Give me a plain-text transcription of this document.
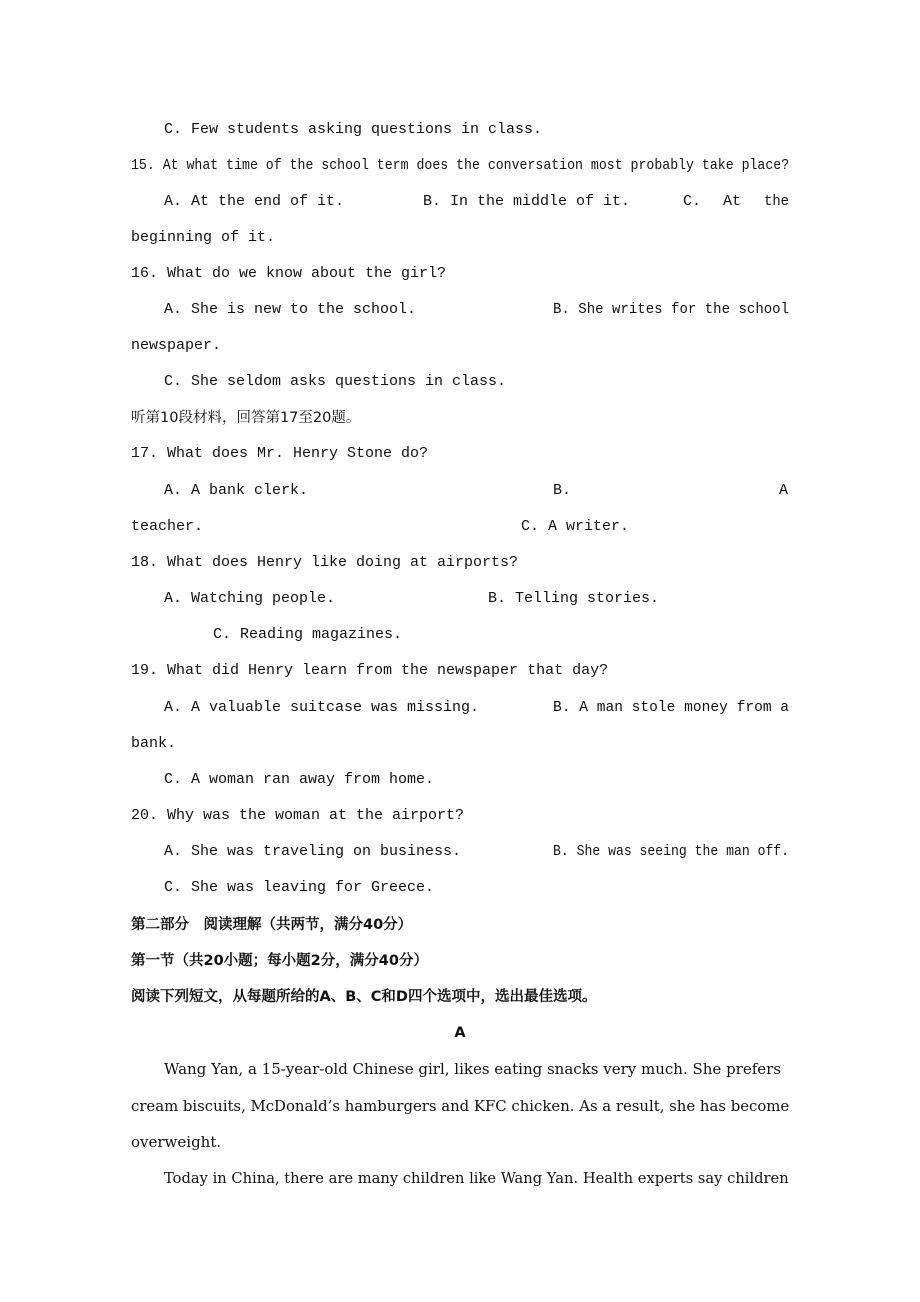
C. Few students asking questions in class.
15. At what time of the school term does the conversation most probably take place?
A. At the end of it.	B. In the middle of it.	C. At the
beginning of it.
16. What do we know about the girl?
A. She is new to the school.	B. She writes for the school
newspaper.
C. She seldom asks questions in class.
听第10段材料，回答第17至20题。
17. What does Mr. Henry Stone do?
A. A bank clerk.	B.	A
teacher.	C. A writer.
18. What does Henry like doing at airports?
A. Watching people.	B. Telling stories.
C. Reading magazines.
19. What did Henry learn from the newspaper that day?
A. A valuable suitcase was missing.	B. A man stole money from a
bank.
C. A woman ran away from home.
20. Why was the woman at the airport?
A. She was traveling on business.	B. She was seeing the man off.
C. She was leaving for Greece.
第二部分　阅读理解（共两节，满分40分）
第一节（共20小题；每小题2分，满分40分）
阅读下列短文，从每题所给的A、B、C和D四个选项中，选出最佳选项。
A
Wang Yan, a 15-year-old Chinese girl, likes eating snacks very much. She prefers
cream biscuits, McDonald’s hamburgers and KFC chicken. As a result, she has become
overweight.
Today in China, there are many children like Wang Yan. Health experts say children
